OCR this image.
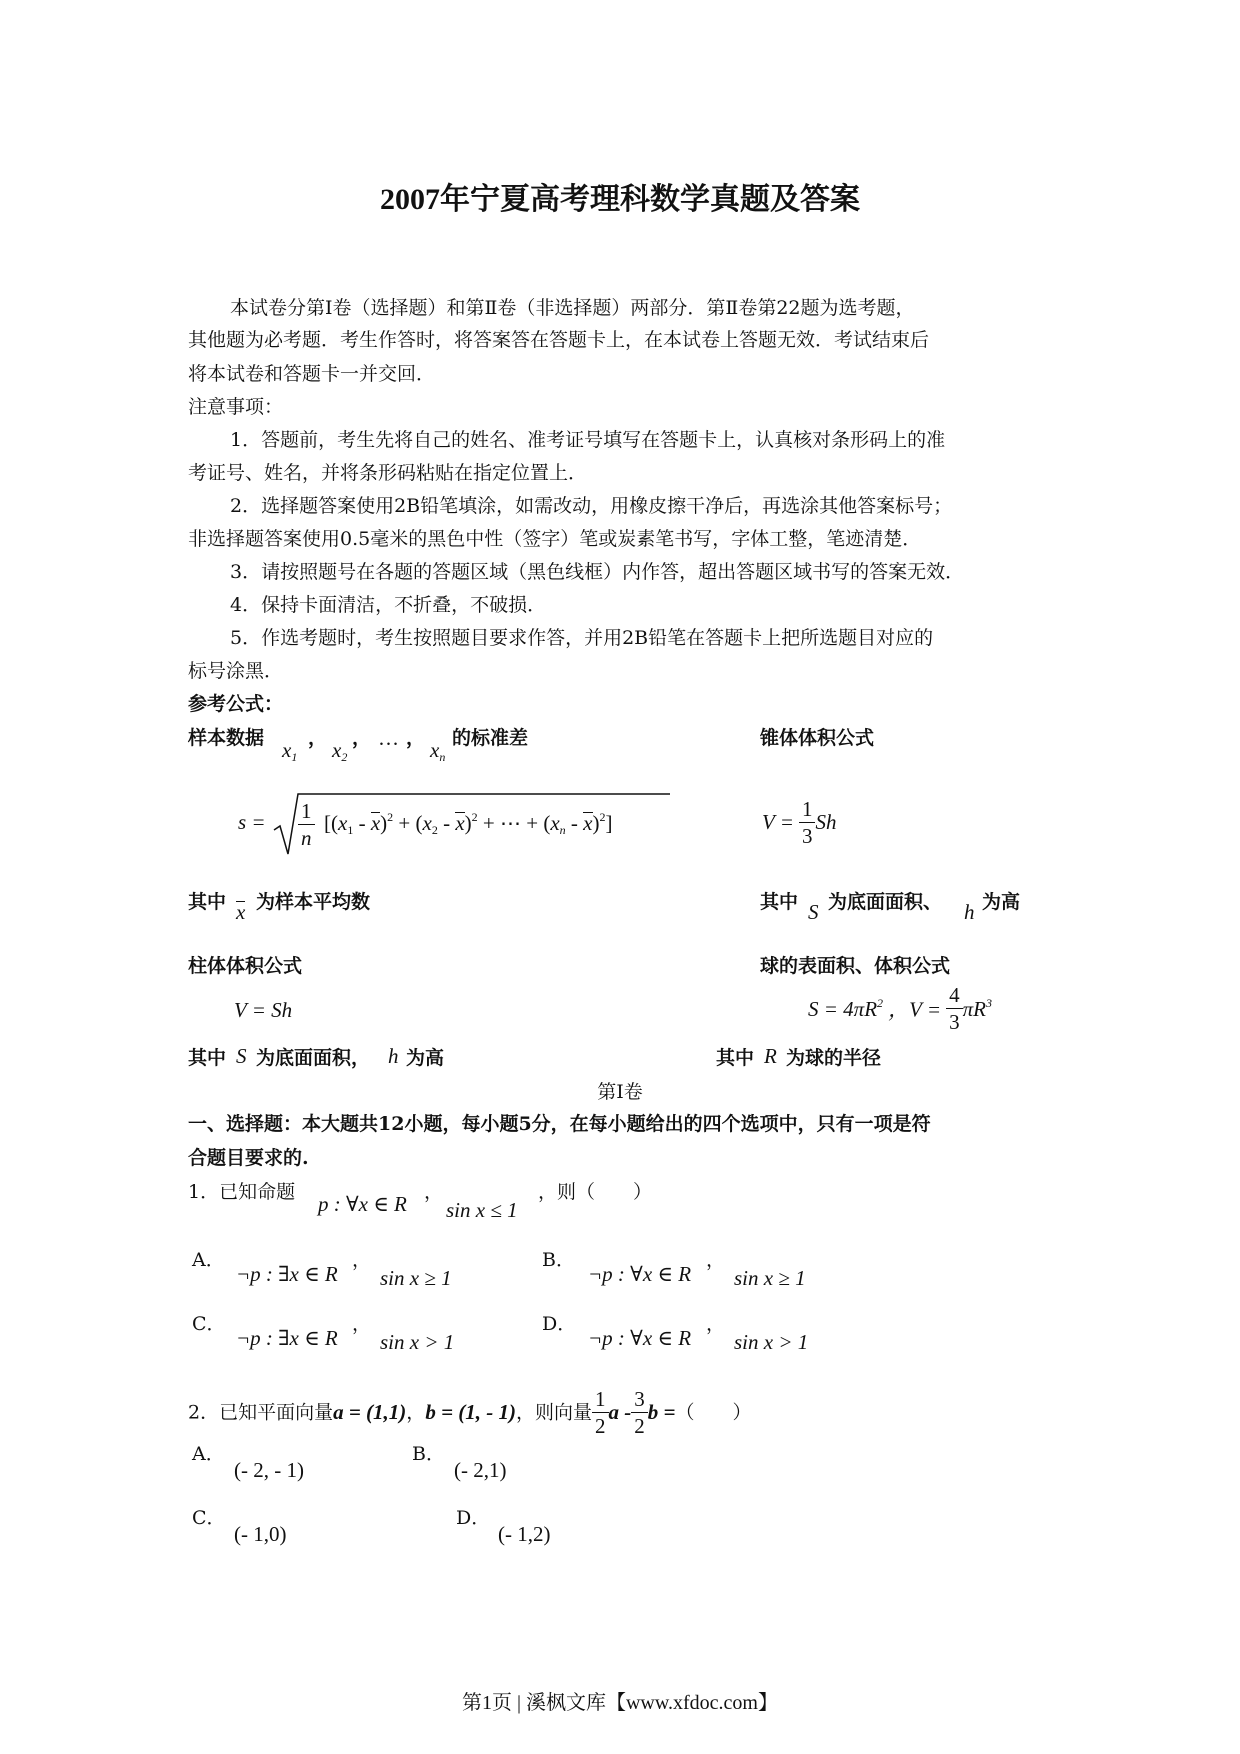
2007年宁夏高考理科数学真题及答案
本试卷分第Ⅰ卷（选择题）和第Ⅱ卷（非选择题）两部分．第Ⅱ卷第22题为选考题，
其他题为必考题．考生作答时，将答案答在答题卡上，在本试卷上答题无效．考试结束后
将本试卷和答题卡一并交回．
注意事项：
1．答题前，考生先将自己的姓名、准考证号填写在答题卡上，认真核对条形码上的准
考证号、姓名，并将条形码粘贴在指定位置上．
2．选择题答案使用2B铅笔填涂，如需改动，用橡皮擦干净后，再选涂其他答案标号；
非选择题答案使用0.5毫米的黑色中性（签字）笔或炭素笔书写，字体工整，笔迹清楚．
3．请按照题号在各题的答题区域（黑色线框）内作答，超出答题区域书写的答案无效．
4．保持卡面清洁，不折叠，不破损．
5．作选考题时，考生按照题目要求作答，并用2B铅笔在答题卡上把所选题目对应的
标号涂黑．
参考公式：
样本数据 $x_1$
， $x_2$
， … ， $x_n$
的标准差	锥体体积公式
$s = \frac{1}{n} [(x_1 - x)^2 + (x_2 - x)^2$ + ⋯ + $(x_n - x)^2$]	$V = \frac{1}{3}$ Sh
其中 x 为样本平均数	其中 S 为底面面积、 h 为高
柱体体积公式	球的表面积、体积公式
V = Sh	$S = 4\pi R^2$ ，$V = \frac{4}{3} \pi R^3$
其中 S 为底面面积， h 为高	其中 R 为球的半径
第Ⅰ卷
一、选择题：本大题共12小题，每小题5分，在每小题给出的四个选项中，只有一项是符
合题目要求的.
1．已知命题 p : ∀x ∈ R ，
sin x ≤ 1
，则（　　）
A．
¬p : ∃x ∈ R
，
sin x ≥ 1
B．
¬p : ∀x ∈ R
，
sin x ≥ 1
C．
¬p : ∃x ∈ R
，
sin x > 1
D．
¬p : ∀x ∈ R
，
sin x > 1
2．已知平面向量a = (1,1)，b = (1, - 1)，则向量 $\frac{1}{2}$ a - $\frac{3}{2}$ b =（　　）
A．
(- 2, - 1)
B．
(- 2,1)
C．
(- 1,0)
D．
(- 1,2)
第1页 | 溪枫文库【www.xfdoc.com】
